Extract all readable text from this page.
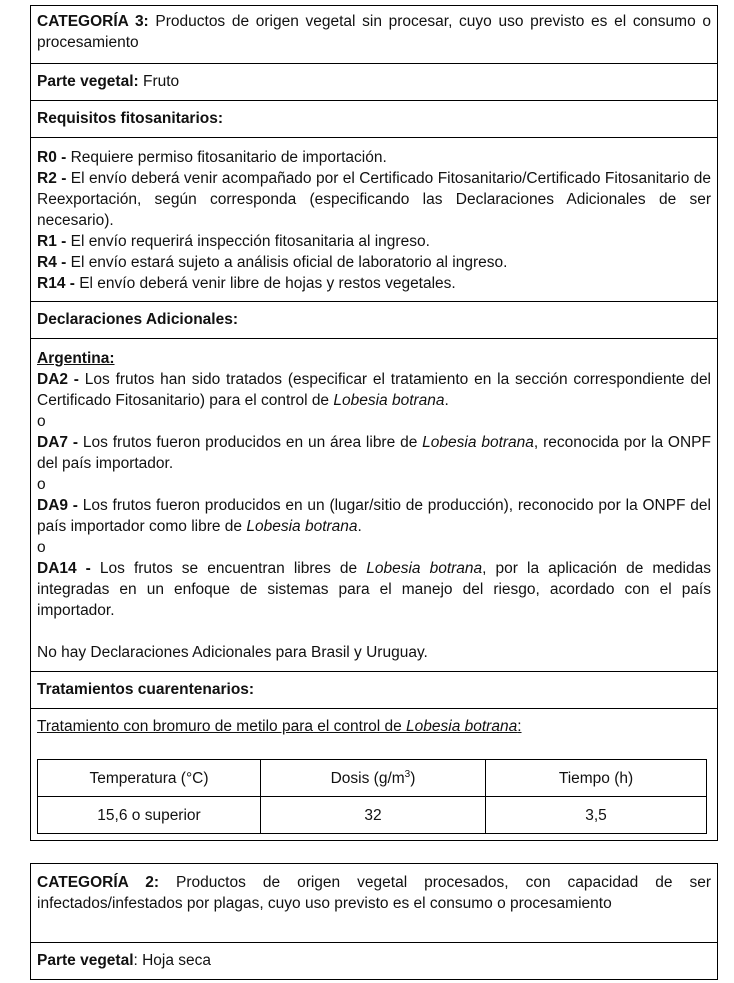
CATEGORÍA 3: Productos de origen vegetal sin procesar, cuyo uso previsto es el consumo o procesamiento
Parte vegetal: Fruto
Requisitos fitosanitarios:
R0 - Requiere permiso fitosanitario de importación.
R2 - El envío deberá venir acompañado por el Certificado Fitosanitario/Certificado Fitosanitario de Reexportación, según corresponda (especificando las Declaraciones Adicionales de ser necesario).
R1 - El envío requerirá inspección fitosanitaria al ingreso.
R4 - El envío estará sujeto a análisis oficial de laboratorio al ingreso.
R14 - El envío deberá venir libre de hojas y restos vegetales.
Declaraciones Adicionales:
Argentina:
DA2 - Los frutos han sido tratados (especificar el tratamiento en la sección correspondiente del Certificado Fitosanitario) para el control de Lobesia botrana.
o
DA7 - Los frutos fueron producidos en un área libre de Lobesia botrana, reconocida por la ONPF del país importador.
o
DA9 - Los frutos fueron producidos en un (lugar/sitio de producción), reconocido por la ONPF del país importador como libre de Lobesia botrana.
o
DA14 - Los frutos se encuentran libres de Lobesia botrana, por la aplicación de medidas integradas en un enfoque de sistemas para el manejo del riesgo, acordado con el país importador.
No hay Declaraciones Adicionales para Brasil y Uruguay.
Tratamientos cuarentenarios:
Tratamiento con bromuro de metilo para el control de Lobesia botrana:
Temperatura (°C)	Dosis $(g/m^3)$	Tiempo (h)
15,6 o superior	32	3,5
CATEGORÍA 2: Productos de origen vegetal procesados, con capacidad de ser infectados/infestados por plagas, cuyo uso previsto es el consumo o procesamiento
Parte vegetal: Hoja seca
